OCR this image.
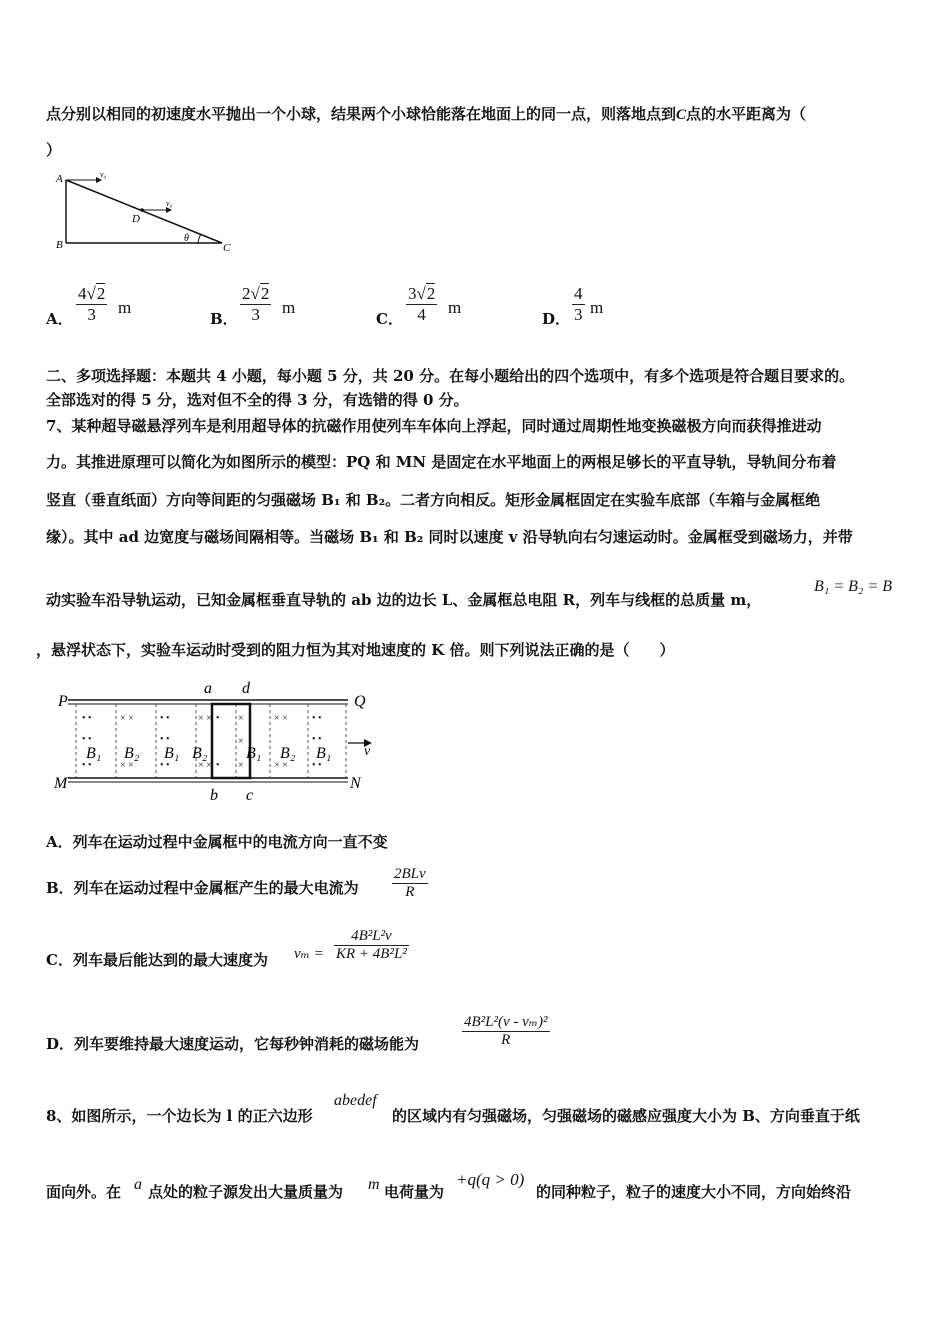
点分别以相同的初速度水平抛出一个小球，结果两个小球恰能落在地面上的同一点，则落地点到C点的水平距离为（
）
A
B	C
D
v₀
v₀
θ
A． $\frac{4√2}{3}$ m
B． $\frac{2√2}{3}$ m
C． $\frac{3√2}{4}$ m
D． $\frac{4}{3}$ m
二、多项选择题：本题共 4 小题，每小题 5 分，共 20 分。在每小题给出的四个选项中，有多个选项是符合题目要求的。
全部选对的得 5 分，选对但不全的得 3 分，有选错的得 0 分。
7、某种超导磁悬浮列车是利用超导体的抗磁作用使列车车体向上浮起，同时通过周期性地变换磁极方向而获得推进动
力。其推进原理可以简化为如图所示的模型：PQ 和 MN 是固定在水平地面上的两根足够长的平直导轨，导轨间分布着
竖直（垂直纸面）方向等间距的匀强磁场 B₁ 和 B₂。二者方向相反。矩形金属框固定在实验车底部（车箱与金属框绝
缘）。其中 ad 边宽度与磁场间隔相等。当磁场 B₁ 和 B₂ 同时以速度 v 沿导轨向右匀速运动时。金属框受到磁场力，并带
动实验车沿导轨运动，已知金属框垂直导轨的 ab 边的边长 L、金属框总电阻 R，列车与线框的总质量 m，
B₁ = B₂ = B
，悬浮状态下，实验车运动时受到的阻力恒为其对地速度的 K 倍。则下列说法正确的是（　　）
• •
• •
• •
× ×
× ×
• •
• •
• •
× ×
× ×
•
•
×
×
×
× ×
× ×
• •
• •
• •
P	Q
M	N
a d
b c
v
B₁ B₂ B₁ B₂ B₁ B₂ B₁
A．列车在运动过程中金属框中的电流方向一直不变
B．列车在运动过程中金属框产生的最大电流为
2BLv
R
C．列车最后能达到的最大速度为 $v_m = \frac{\text{4B²L²v}}{\text{KR + 4B²L²}}$
D．列车要维持最大速度运动，它每秒钟消耗的磁场能为	$\frac{\text{4B²L²(v - vₘ)²}}{R}$
8、如图所示，一个边长为 l 的正六边形
abedef
的区域内有匀强磁场，匀强磁场的磁感应强度大小为 B、方向垂直于纸
面向外。在 a 点处的粒子源发出大量质量为 m 电荷量为
+q(q > 0)
的同种粒子，粒子的速度大小不同，方向始终沿
